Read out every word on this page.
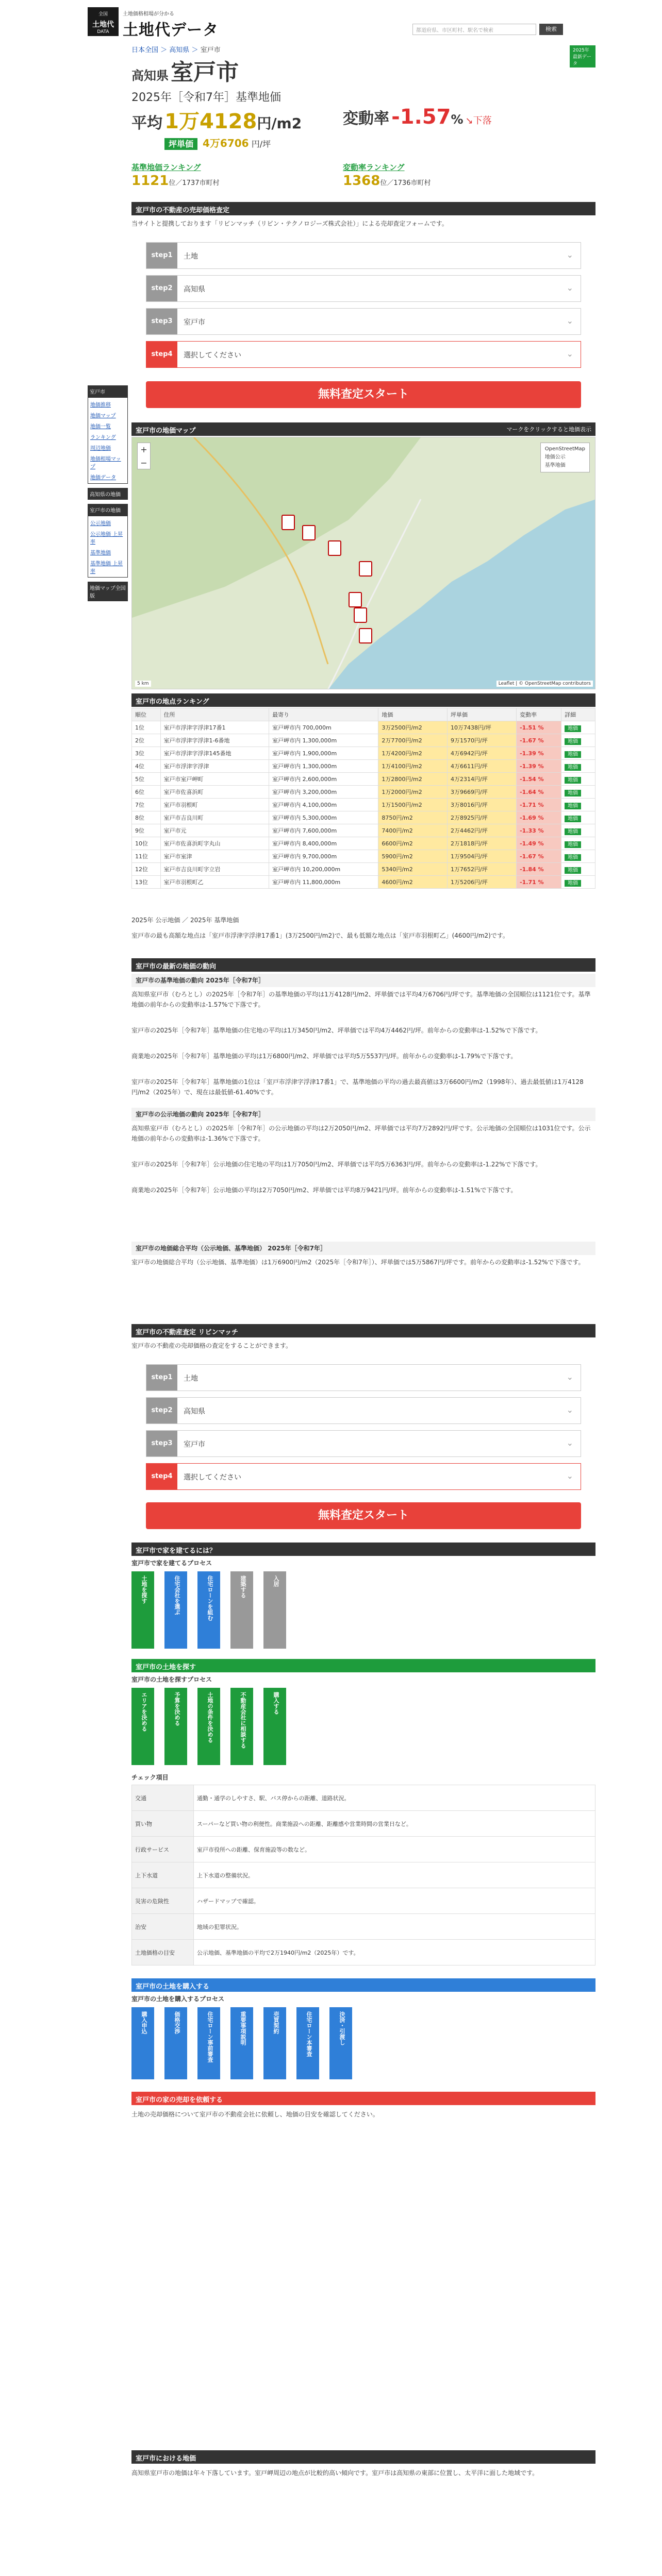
全国
土地代
DATA
土地価格相場が分かる
土地代データ	都道府県、市区町村、駅名で検索	検索
2025年 最新データ
日本全国 ＞ 高知県 ＞ 室戸市
高知県 室戸市
2025年［令和7年］基準地価
平均 1万4128円/m2	変動率 -1.57% ↘下落
坪単価 4万6706 円/坪
基準地価ランキング
1121位／1737市町村
変動率ランキング
1368位／1736市町村
室戸市の不動産の売却価格査定
当サイトと提携しております「リビンマッチ（リビン・テクノロジーズ株式会社）」による売却査定フォームです。
step1	土地	⌄
step2	高知県	⌄
step3	室戸市	⌄
step4	選択してください	⌄
無料査定スタート
室戸市の地価マップ	マークをクリックすると地価表示
+
−
OpenStreetMap
地価公示
基準地価
5 km	Leaflet | © OpenStreetMap contributors
室戸市の地点ランキング
順位	住所	最寄り	地価	坪単価	変動率	詳細
1位	室戸市浮津字浮津17番1	室戸岬市内 700,000m	3万2500円/m2	10万7438円/坪	-1.51 %	地価
2位	室戸市浮津字浮津1-6番地	室戸岬市内 1,300,000m	2万7700円/m2	9万1570円/坪	-1.67 %	地価
3位	室戸市浮津字浮津145番地	室戸岬市内 1,900,000m	1万4200円/m2	4万6942円/坪	-1.39 %	地価
4位	室戸市浮津字浮津	室戸岬市内 1,300,000m	1万4100円/m2	4万6611円/坪	-1.39 %	地価
5位	室戸市室戸岬町	室戸岬市内 2,600,000m	1万2800円/m2	4万2314円/坪	-1.54 %	地価
6位	室戸市佐喜浜町	室戸岬市内 3,200,000m	1万2000円/m2	3万9669円/坪	-1.64 %	地価
7位	室戸市羽根町	室戸岬市内 4,100,000m	1万1500円/m2	3万8016円/坪	-1.71 %	地価
8位	室戸市吉良川町	室戸岬市内 5,300,000m	8750円/m2	2万8925円/坪	-1.69 %	地価
9位	室戸市元	室戸岬市内 7,600,000m	7400円/m2	2万4462円/坪	-1.33 %	地価
10位	室戸市佐喜浜町字丸山	室戸岬市内 8,400,000m	6600円/m2	2万1818円/坪	-1.49 %	地価
11位	室戸市室津	室戸岬市内 9,700,000m	5900円/m2	1万9504円/坪	-1.67 %	地価
12位	室戸市吉良川町字立岩	室戸岬市内 10,200,000m	5340円/m2	1万7652円/坪	-1.84 %	地価
13位	室戸市羽根町乙	室戸岬市内 11,800,000m	4600円/m2	1万5206円/坪	-1.71 %	地価
2025年 公示地価 ／ 2025年 基準地価
室戸市の最も高額な地点は「室戸市浮津字浮津17番1」(3万2500円/m2)で、最も低額な地点は「室戸市羽根町乙」(4600円/m2)です。
室戸市の最新の地価の動向
室戸市の基準地価の動向 2025年［令和7年］
高知県室戸市（むろとし）の2025年［令和7年］の基準地価の平均は1万4128円/m2、坪単価では平均4万6706円/坪です。基準地価の全国順位は1121位です。基準地価の前年からの変動率は-1.57%で下落です。
室戸市の2025年［令和7年］基準地価の住宅地の平均は1万3450円/m2、坪単価では平均4万4462円/坪。前年からの変動率は-1.52%で下落です。
商業地の2025年［令和7年］基準地価の平均は1万6800円/m2、坪単価では平均5万5537円/坪。前年からの変動率は-1.79%で下落です。
室戸市の2025年［令和7年］基準地価の1位は「室戸市浮津字浮津17番1」で、基準地価の平均の過去最高値は3万6600円/m2（1998年）、過去最低値は1万4128円/m2（2025年）で、現在は最低値-61.40%です。
室戸市の公示地価の動向 2025年［令和7年］
高知県室戸市（むろとし）の2025年［令和7年］の公示地価の平均は2万2050円/m2、坪単価では平均7万2892円/坪です。公示地価の全国順位は1031位です。公示地価の前年からの変動率は-1.36%で下落です。
室戸市の2025年［令和7年］公示地価の住宅地の平均は1万7050円/m2、坪単価では平均5万6363円/坪。前年からの変動率は-1.22%で下落です。
商業地の2025年［令和7年］公示地価の平均は2万7050円/m2、坪単価では平均8万9421円/坪。前年からの変動率は-1.51%で下落です。
室戸市の地価総合平均（公示地価、基準地価） 2025年［令和7年］
室戸市の地価総合平均（公示地価、基準地価）は1万6900円/m2（2025年［令和7年］）、坪単価では5万5867円/坪です。前年からの変動率は-1.52%で下落です。
室戸市の不動産査定 リビンマッチ
室戸市の不動産の売却価格の査定をすることができます。
step1	土地	⌄
step2	高知県	⌄
step3	室戸市	⌄
step4	選択してください	⌄
無料査定スタート
室戸市で家を建てるには？
室戸市で家を建てるプロセス
土地を探す	住宅会社を選ぶ	住宅ローンを組む	建築する	入居
室戸市の土地を探す
室戸市の土地を探すプロセス
エリアを決める	予算を決める	土地の条件を決める	不動産会社に相談する	購入する
チェック項目
交通	通勤・通学のしやすさ、駅、バス停からの距離、道路状況。
買い物	スーパーなど買い物の利便性。商業施設への距離、距離感や営業時間の営業日など。
行政サービス	室戸市役所への距離、保育施設等の数など。
上下水道	上下水道の整備状況。
災害の危険性	ハザードマップで確認。
治安	地域の犯罪状況。
土地価格の目安	公示地価、基準地価の平均で2万1940円/m2（2025年）です。
室戸市の土地を購入する
室戸市の土地を購入するプロセス
購入申込	価格交渉	住宅ローン事前審査	重要事項説明	売買契約	住宅ローン本審査	決済・引渡し
室戸市の家の売却を依頼する
土地の売却価格について室戸市の不動産会社に依頼し、地価の目安を確認してください。
室戸市における地価
高知県室戸市の地価は年々下落しています。室戸岬周辺の地点が比較的高い傾向です。室戸市は高知県の東部に位置し、太平洋に面した地域です。

室戸市
地価推移
地価マップ
地価一覧
ランキング
周辺地価
地価相場マップ
地価データ
高知県の地価
室戸市の地価
公示地価
公示地価 上昇率
基準地価
基準地価 上昇率
地価マップ全国版
